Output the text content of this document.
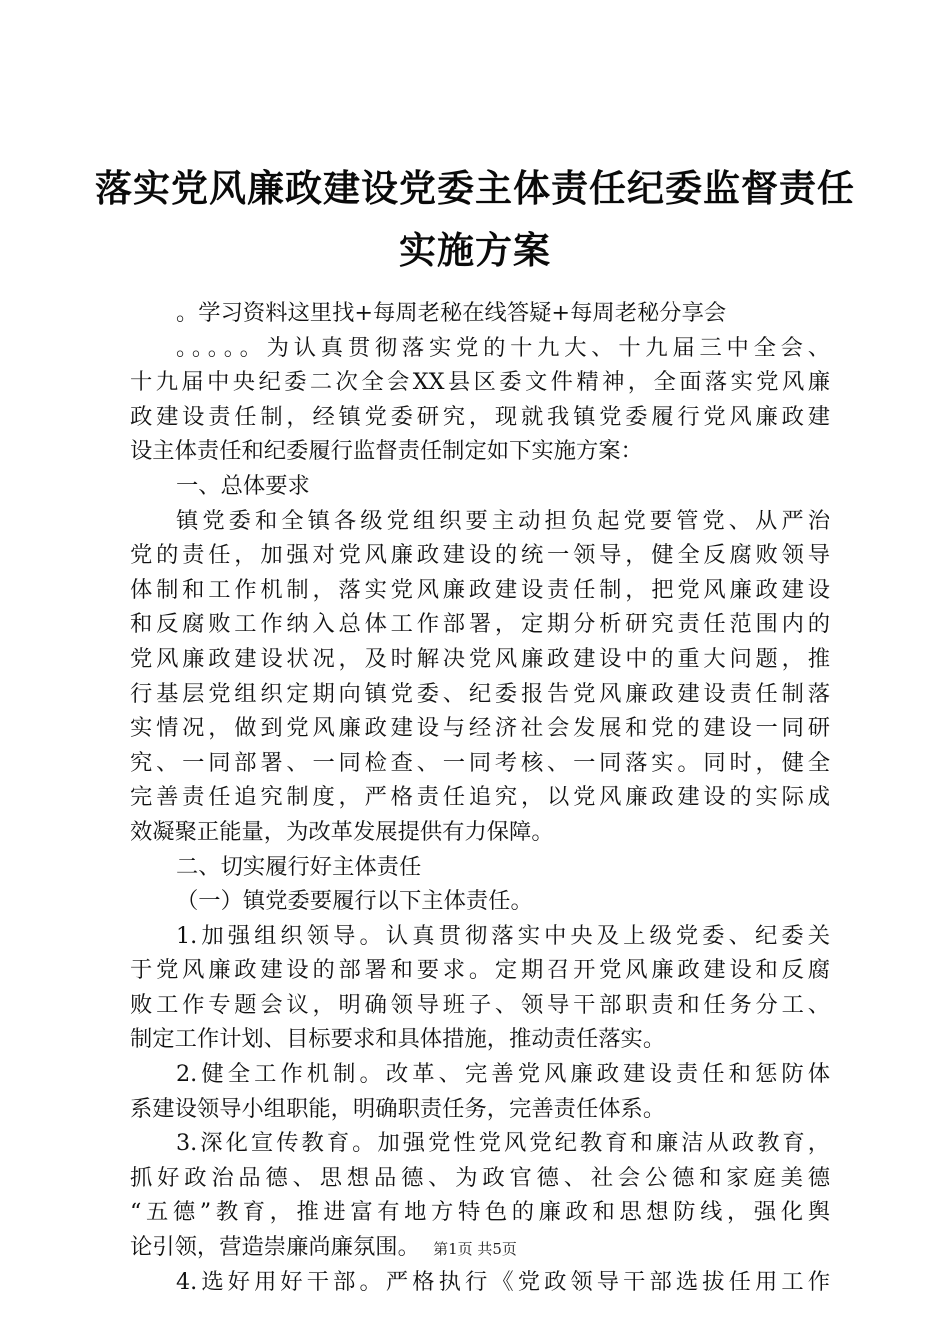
落实党风廉政建设党委主体责任纪委监督责任
实施方案
。学习资料这里找+每周老秘在线答疑+每周老秘分享会
。。。。。为认真贯彻落实党的十九大、十九届三中全会、
十九届中央纪委二次全会XX县区委文件精神，全面落实党风廉
政建设责任制，经镇党委研究，现就我镇党委履行党风廉政建
设主体责任和纪委履行监督责任制定如下实施方案：
一、总体要求
镇党委和全镇各级党组织要主动担负起党要管党、从严治
党的责任，加强对党风廉政建设的统一领导，健全反腐败领导
体制和工作机制，落实党风廉政建设责任制，把党风廉政建设
和反腐败工作纳入总体工作部署，定期分析研究责任范围内的
党风廉政建设状况，及时解决党风廉政建设中的重大问题，推
行基层党组织定期向镇党委、纪委报告党风廉政建设责任制落
实情况，做到党风廉政建设与经济社会发展和党的建设一同研
究、一同部署、一同检查、一同考核、一同落实。同时，健全
完善责任追究制度，严格责任追究，以党风廉政建设的实际成
效凝聚正能量，为改革发展提供有力保障。
二、切实履行好主体责任
（一）镇党委要履行以下主体责任。
1.加强组织领导。认真贯彻落实中央及上级党委、纪委关
于党风廉政建设的部署和要求。定期召开党风廉政建设和反腐
败工作专题会议，明确领导班子、领导干部职责和任务分工、
制定工作计划、目标要求和具体措施，推动责任落实。
2.健全工作机制。改革、完善党风廉政建设责任和惩防体
系建设领导小组职能，明确职责任务，完善责任体系。
3.深化宣传教育。加强党性党风党纪教育和廉洁从政教育，
抓好政治品德、思想品德、为政官德、社会公德和家庭美德
“五德”教育，推进富有地方特色的廉政和思想防线，强化舆
论引领，营造崇廉尚廉氛围。
4.选好用好干部。严格执行《党政领导干部选拔任用工作
第1页 共5页
